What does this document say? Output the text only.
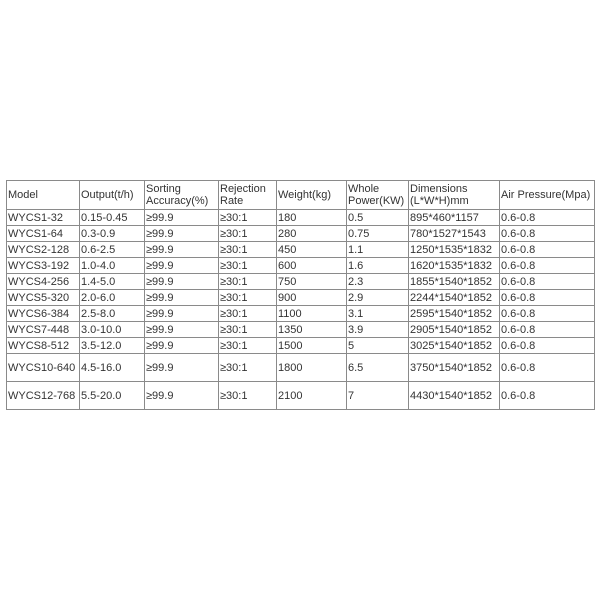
Model	Output(t/h)	Sorting Accuracy(%)	Rejection Rate	Weight(kg)	Whole Power(KW)	Dimensions (L*W*H)mm	Air Pressure(Mpa)
WYCS1-32	0.15-0.45	≥99.9	≥30:1	180	0.5	895*460*1157	0.6-0.8
WYCS1-64	0.3-0.9	≥99.9	≥30:1	280	0.75	780*1527*1543	0.6-0.8
WYCS2-128	0.6-2.5	≥99.9	≥30:1	450	1.1	1250*1535*1832	0.6-0.8
WYCS3-192	1.0-4.0	≥99.9	≥30:1	600	1.6	1620*1535*1832	0.6-0.8
WYCS4-256	1.4-5.0	≥99.9	≥30:1	750	2.3	1855*1540*1852	0.6-0.8
WYCS5-320	2.0-6.0	≥99.9	≥30:1	900	2.9	2244*1540*1852	0.6-0.8
WYCS6-384	2.5-8.0	≥99.9	≥30:1	1100	3.1	2595*1540*1852	0.6-0.8
WYCS7-448	3.0-10.0	≥99.9	≥30:1	1350	3.9	2905*1540*1852	0.6-0.8
WYCS8-512	3.5-12.0	≥99.9	≥30:1	1500	5	3025*1540*1852	0.6-0.8
WYCS10-640	4.5-16.0	≥99.9	≥30:1	1800	6.5	3750*1540*1852	0.6-0.8
WYCS12-768	5.5-20.0	≥99.9	≥30:1	2100	7	4430*1540*1852	0.6-0.8
